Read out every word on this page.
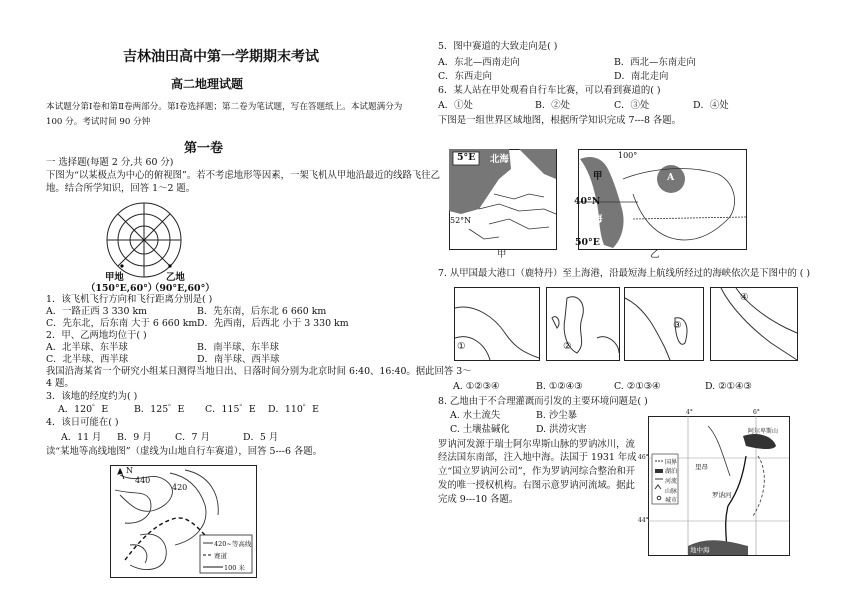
吉林油田高中第一学期期末考试
高二地理试题
本试题分第Ⅰ卷和第Ⅱ卷两部分。第Ⅰ卷选择题；第二卷为笔试题，写在答题纸上。本试题满分为
100 分。考试时间 90 分钟
第一卷
一 选择题(每题 2 分,共 60 分)
下图为“以某极点为中心的俯视图”。若不考虑地形等因素，一架飞机从甲地沿最近的线路飞往乙
地。结合所学知识，回答 1～2 题。
甲地	乙地
（150°E,60°）
（90°E,60°）
1．该飞机飞行方向和飞行距离分别是( )
A．一路正西 3 330 km	B．先东南，后东北 6 660 km
C．先东北，后东南 大于 6 660 km D．先西南，后西北 小于 3 330 km
2．甲、乙两地均位于( )
A．北半球、东半球	B．南半球、东半球
C．北半球、西半球	D．南半球、西半球
我国沿海某省一个研究小组某日测得当地日出、日落时间分别为北京时间 6:40、16:40。据此回答 3～
4 题。
3．该地的经度约为( )
A．120゜E	B．125゜E C．115゜E D．110゜E
4．该日可能在( )
A．11 月 B．9 月 C．7 月	D．5 月
读“某地等高线地图”（虚线为山地自行车赛道），回答 5---6 各题。
N
440
420
420~等高线
赛道
100 米
5．图中赛道的大致走向是( )
A．东北—西南走向	B．西北—东南走向
C．东西走向	D．南北走向
6．某人站在甲处观看自行车比赛，可以看到赛道的( )
A．①处	B．②处	C．③处	D．④处
下图是一组世界区域地图，根据所学知识完成 7---8 各题。
5°E 北海
52°N
甲
100°
甲
海
A
B
40°N
50°E
乙
7. 从甲国最大港口（鹿特丹）至上海港，沿最短海上航线所经过的海峡依次是下图中的 ( )
①	②
③
④
A. ①②③④	B. ①②④③	C. ②①③④	D. ②①④③
8. 乙地由于不合理灌溉而引发的主要环境问题是( )
A. 水土流失	B. 沙尘暴
C. 土壤盐碱化	D. 洪涝灾害
罗讷河发源于瑞士阿尔卑斯山脉的罗讷冰川，流
经法国东南部，注入地中海。法国于 1931 年成
立“国立罗讷河公司”，作为罗讷河综合整治和开
发的唯一授权机构。右图示意罗讷河流域。据此
完成 9---10 各题。
国界
湖泊
河流
山脉
城市
4°	6°
46°
44°
阿尔卑斯山
里昂
罗讷河
地中海
